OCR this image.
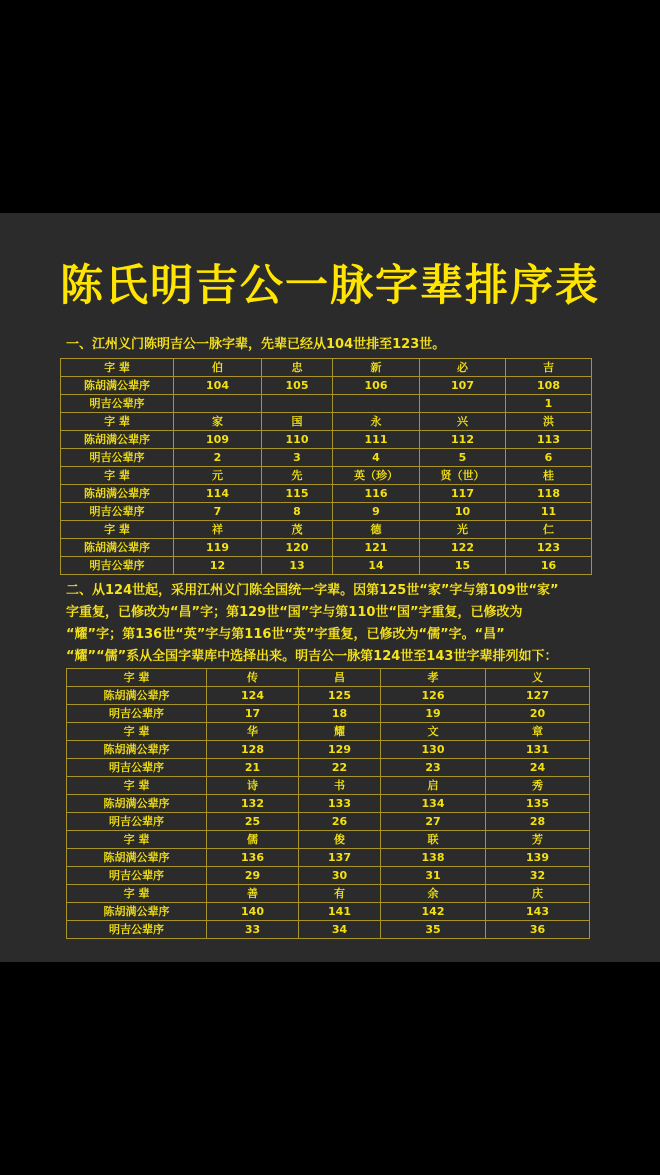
陈氏明吉公一脉字辈排序表
一、江州义门陈明吉公一脉字辈，先辈已经从104世排至123世。
字 辈	伯	忠	新	必	吉
陈胡满公辈序	104	105	106	107	108
明吉公辈序					1
字 辈	家	国	永	兴	洪
陈胡满公辈序	109	110	111	112	113
明吉公辈序	2	3	4	5	6
字 辈	元	先	英（珍）	贤（世）	桂
陈胡满公辈序	114	115	116	117	118
明吉公辈序	7	8	9	10	11
字 辈	祥	茂	德	光	仁
陈胡满公辈序	119	120	121	122	123
明吉公辈序	12	13	14	15	16
二、从124世起，采用江州义门陈全国统一字辈。因第125世“家”字与第109世“家”
字重复，已修改为“昌”字；第129世“国”字与第110世“国”字重复，已修改为
“耀”字；第136世“英”字与第116世“英”字重复，已修改为“儒”字。“昌”
“耀”“儒”系从全国字辈库中选择出来。明吉公一脉第124世至143世字辈排列如下：
字 辈	传	昌	孝	义
陈胡满公辈序	124	125	126	127
明吉公辈序	17	18	19	20
字 辈	华	耀	文	章
陈胡满公辈序	128	129	130	131
明吉公辈序	21	22	23	24
字 辈	诗	书	启	秀
陈胡满公辈序	132	133	134	135
明吉公辈序	25	26	27	28
字 辈	儒	俊	联	芳
陈胡满公辈序	136	137	138	139
明吉公辈序	29	30	31	32
字 辈	善	有	余	庆
陈胡满公辈序	140	141	142	143
明吉公辈序	33	34	35	36
